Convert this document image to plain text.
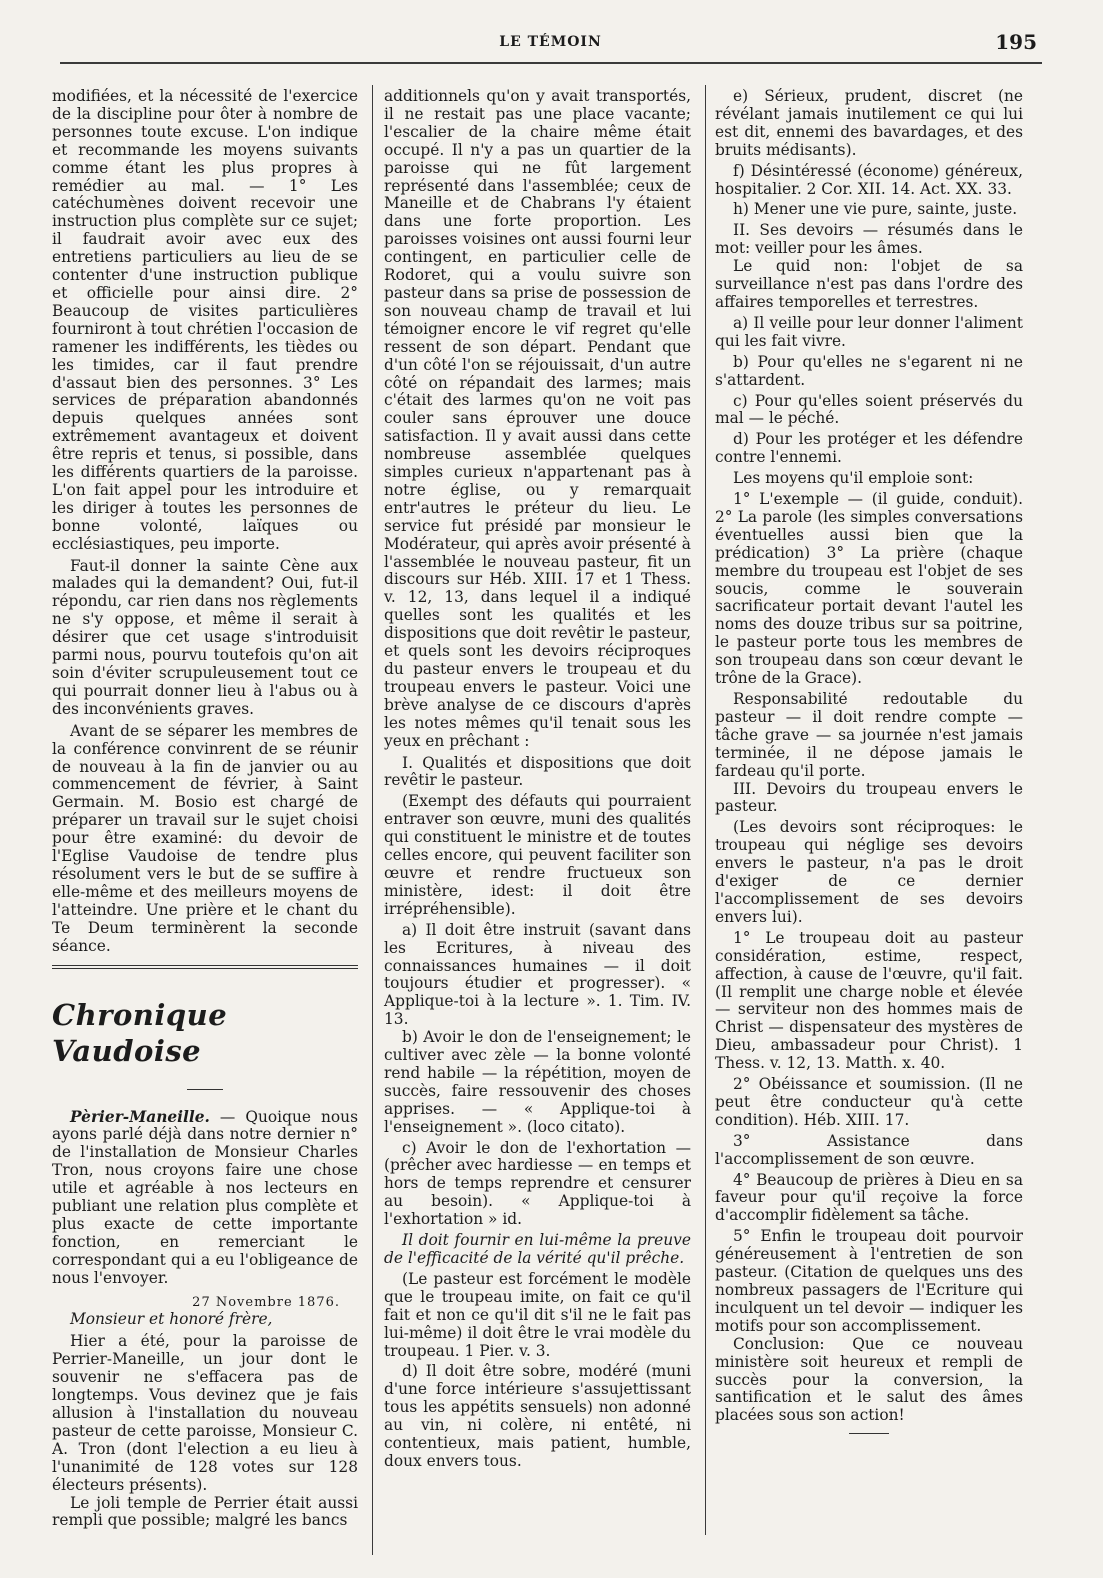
LE TÉMOIN	195

modifiées, et la nécessité de l'exercice de la discipline pour ôter à nombre de personnes toute excuse. L'on indique et recommande les moyens suivants comme étant les plus propres à remédier au mal. — 1° Les catéchumènes doivent recevoir une instruction plus complète sur ce sujet; il faudrait avoir avec eux des entretiens particuliers au lieu de se contenter d'une instruction publique et officielle pour ainsi dire. 2° Beaucoup de visites particulières fourniront à tout chrétien l'occasion de ramener les indifférents, les tièdes ou les timides, car il faut prendre d'assaut bien des personnes. 3° Les services de préparation abandonnés depuis quelques années sont extrêmement avantageux et doivent être repris et tenus, si possible, dans les différents quartiers de la paroisse. L'on fait appel pour les introduire et les diriger à toutes les personnes de bonne volonté, laïques ou ecclésiastiques, peu importe.

Faut-il donner la sainte Cène aux malades qui la demandent? Oui, fut-il répondu, car rien dans nos règlements ne s'y oppose, et même il serait à désirer que cet usage s'introduisit parmi nous, pourvu toutefois qu'on ait soin d'éviter scrupuleusement tout ce qui pourrait donner lieu à l'abus ou à des inconvénients graves.

Avant de se séparer les membres de la conférence convinrent de se réunir de nouveau à la fin de janvier ou au commencement de février, à Saint Germain. M. Bosio est chargé de préparer un travail sur le sujet choisi pour être examiné: du devoir de l'Eglise Vaudoise de tendre plus résolument vers le but de se suffire à elle-même et des meilleurs moyens de l'atteindre. Une prière et le chant du Te Deum terminèrent la seconde séance.

Chronique Vaudoise

Pèrier-Maneille. — Quoique nous ayons parlé déjà dans notre dernier n° de l'installation de Monsieur Charles Tron, nous croyons faire une chose utile et agréable à nos lecteurs en publiant une relation plus complète et plus exacte de cette importante fonction, en remerciant le correspondant qui a eu l'obligeance de nous l'envoyer.

27 Novembre 1876.

Monsieur et honoré frère,

Hier a été, pour la paroisse de Perrier-Maneille, un jour dont le souvenir ne s'effacera pas de longtemps. Vous devinez que je fais allusion à l'installation du nouveau pasteur de cette paroisse, Monsieur C. A. Tron (dont l'election a eu lieu à l'unanimité de 128 votes sur 128 électeurs présents).

Le joli temple de Perrier était aussi rempli que possible; malgré les bancs

additionnels qu'on y avait transportés, il ne restait pas une place vacante; l'escalier de la chaire même était occupé. Il n'y a pas un quartier de la paroisse qui ne fût largement représenté dans l'assemblée; ceux de Maneille et de Chabrans l'y étaient dans une forte proportion. Les paroisses voisines ont aussi fourni leur contingent, en particulier celle de Rodoret, qui a voulu suivre son pasteur dans sa prise de possession de son nouveau champ de travail et lui témoigner encore le vif regret qu'elle ressent de son départ. Pendant que d'un côté l'on se réjouissait, d'un autre côté on répandait des larmes; mais c'était des larmes qu'on ne voit pas couler sans éprouver une douce satisfaction. Il y avait aussi dans cette nombreuse assemblée quelques simples curieux n'appartenant pas à notre église, ou y remarquait entr'autres le préteur du lieu. Le service fut présidé par monsieur le Modérateur, qui après avoir présenté à l'assemblée le nouveau pasteur, fit un discours sur Héb. XIII. 17 et 1 Thess. v. 12, 13, dans lequel il a indiqué quelles sont les qualités et les dispositions que doit revêtir le pasteur, et quels sont les devoirs réciproques du pasteur envers le troupeau et du troupeau envers le pasteur. Voici une brève analyse de ce discours d'après les notes mêmes qu'il tenait sous les yeux en prêchant :

I. Qualités et dispositions que doit revêtir le pasteur.

(Exempt des défauts qui pourraient entraver son œuvre, muni des qualités qui constituent le ministre et de toutes celles encore, qui peuvent faciliter son œuvre et rendre fructueux son ministère, idest: il doit être irrépréhensible).

a) Il doit être instruit (savant dans les Ecritures, à niveau des connaissances humaines — il doit toujours étudier et progresser). « Applique-toi à la lecture ». 1. Tim. IV. 13.

b) Avoir le don de l'enseignement; le cultiver avec zèle — la bonne volonté rend habile — la répétition, moyen de succès, faire ressouvenir des choses apprises. — « Applique-toi à l'enseignement ». (loco citato).

c) Avoir le don de l'exhortation — (prêcher avec hardiesse — en temps et hors de temps reprendre et censurer au besoin). « Applique-toi à l'exhortation » id.

Il doit fournir en lui-même la preuve de l'efficacité de la vérité qu'il prêche.

(Le pasteur est forcément le modèle que le troupeau imite, on fait ce qu'il fait et non ce qu'il dit s'il ne le fait pas lui-même) il doit être le vrai modèle du troupeau. 1 Pier. v. 3.

d) Il doit être sobre, modéré (muni d'une force intérieure s'assujettissant tous les appétits sensuels) non adonné au vin, ni colère, ni entêté, ni contentieux, mais patient, humble, doux envers tous.

e) Sérieux, prudent, discret (ne révélant jamais inutilement ce qui lui est dit, ennemi des bavardages, et des bruits médisants).

f) Désintéressé (économe) généreux, hospitalier. 2 Cor. XII. 14. Act. XX. 33.

h) Mener une vie pure, sainte, juste.

II. Ses devoirs — résumés dans le mot: veiller pour les âmes.

Le quid non: l'objet de sa surveillance n'est pas dans l'ordre des affaires temporelles et terrestres.

a) Il veille pour leur donner l'aliment qui les fait vivre.

b) Pour qu'elles ne s'egarent ni ne s'attardent.

c) Pour qu'elles soient préservés du mal — le péché.

d) Pour les protéger et les défendre contre l'ennemi.

Les moyens qu'il emploie sont:

1° L'exemple — (il guide, conduit). 2° La parole (les simples conversations éventuelles aussi bien que la prédication) 3° La prière (chaque membre du troupeau est l'objet de ses soucis, comme le souverain sacrificateur portait devant l'autel les noms des douze tribus sur sa poitrine, le pasteur porte tous les membres de son troupeau dans son cœur devant le trône de la Grace).

Responsabilité redoutable du pasteur — il doit rendre compte — tâche grave — sa journée n'est jamais terminée, il ne dépose jamais le fardeau qu'il porte.

III. Devoirs du troupeau envers le pasteur.

(Les devoirs sont réciproques: le troupeau qui néglige ses devoirs envers le pasteur, n'a pas le droit d'exiger de ce dernier l'accomplissement de ses devoirs envers lui).

1° Le troupeau doit au pasteur considération, estime, respect, affection, à cause de l'œuvre, qu'il fait. (Il remplit une charge noble et élevée — serviteur non des hommes mais de Christ — dispensateur des mystères de Dieu, ambassadeur pour Christ). 1 Thess. v. 12, 13. Matth. x. 40.

2° Obéissance et soumission. (Il ne peut être conducteur qu'à cette condition). Héb. XIII. 17.

3° Assistance dans l'accomplissement de son œuvre.

4° Beaucoup de prières à Dieu en sa faveur pour qu'il reçoive la force d'accomplir fidèlement sa tâche.

5° Enfin le troupeau doit pourvoir généreusement à l'entretien de son pasteur. (Citation de quelques uns des nombreux passagers de l'Ecriture qui inculquent un tel devoir — indiquer les motifs pour son accomplissement.

Conclusion: Que ce nouveau ministère soit heureux et rempli de succès pour la conversion, la santification et le salut des âmes placées sous son action!
